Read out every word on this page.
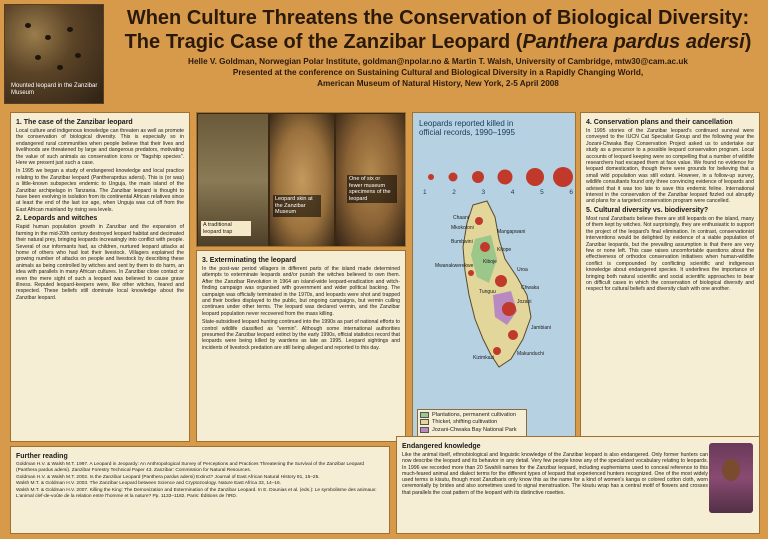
Mounted leopard in the Zanzibar Museum
When Culture Threatens the Conservation of Biological Diversity:
The Tragic Case of the Zanzibar Leopard (Panthera pardus adersi)
Helle V. Goldman, Norwegian Polar Institute, goldman@npolar.no & Martin T. Walsh, University of Cambridge, mtw30@cam.ac.uk
Presented at the conference on Sustaining Cultural and Biological Diversity in a Rapidly Changing World,
American Museum of Natural History, New York, 2-5 April 2008
1. The case of the Zanzibar leopard

Local culture and indigenous knowledge can threaten as well as promote the conservation of biological diversity. This is especially so in endangered rural communities when people believe that their lives and livelihoods are threatened by large and dangerous predators, motivating the value of such animals as conservation icons or "flagship species". Here we present just such a case.

In 1995 we began a study of endangered knowledge and local practice relating to the Zanzibar leopard (Pantheraprdus adersi). This is (or was) a little-known subspecies endemic to Unguja, the main island of the Zanzibar archipelago in Tanzania. The Zanzibar leopard is thought to have been evolving in isolation from its continental African relatives since at least the end of the last ice age, when Unguja was cut off from the East African mainland by rising sea levels.

2. Leopards and witches

Rapid human population growth in Zanzibar and the expansion of farming in the mid-20th century destroyed leopard habitat and decimated their natural prey, bringing leopards increasingly into conflict with people. Several of our informants had, as children, nurtured leopard attacks at home of others who had lost their livestock. Villagers explained the growing number of attacks on people and livestock by describing these animals as being controlled by witches and sent by them to do harm, an idea with parallels in many African cultures. In Zanzibar close contact or even the mere sight of such a leopard was believed to cause grave illness. Reputed leopard-keepers were, like other witches, feared and respected. These beliefs still dominate local knowledge about the Zanzibar leopard.

A traditional leopard trap
Leopard skin at the Zanzibar Museum
One of six or fewer museum specimens of the leopard
3. Exterminating the leopard

In the post-war period villagers in different parts of the island made determined attempts to exterminate leopards and/or punish the witches believed to own them. After the Zanzibar Revolution in 1964 an island-wide leopard-eradication and witch-finding campaign was organised with government and wider political backing. The campaign was officially terminated in the 1970s, and leopards were shot and trapped and their bodies displayed to the public, but ongoing campaigns, but vermin culling continues under other terms. The leopard was declared vermin, and the Zanzibar leopard population never recovered from the mass killing.

State-subsidised leopard hunting continued into the 1990s as part of national efforts to control wildlife classified as "vermin". Although some international authorities presumed the Zanzibar leopard extinct by the early 1990s, official statistics record that leopards were being killed by wardens as late as 1995. Leopard sightings and incidents of livestock predation are still being alleged and reported to this day.

Leopards reported killed in official records, 1990–1995
1	2	3	4	5	6
Chaani
Mkokotoni
Bumbwini
Mwanakwerekwe
Kiboje
Tunguu
Uroa
Chwaka
Jozani
Jambiani
Kizimkazi
Makunduchi
Mangapwani
Kitope
Plantations, permanent cultivation
Thicket, shifting cultivation
Jozani-Chwaka Bay National Park
4. Conservation plans and their cancellation

In 1995 stories of the Zanzibar leopard's continued survival were conveyed to the IUCN Cat Specialist Group and the following year the Jozani-Chwaka Bay Conservation Project asked us to undertake our study as a precursor to a possible leopard conservation program. Local accounts of leopard keeping were so compelling that a number of wildlife researchers had escaped them at face value. We found no evidence for leopard domestication, though there were grounds for believing that a small wild population was still extant. However, in a follow-up survey, wildlife consultants found only three convincing evidence of leopards and advised that it was too late to save this endemic feline. International interest in the conservation of the Zanzibar leopard fizzled out abruptly and plans for a targeted conservation program were cancelled.

5. Cultural diversity vs. biodiversity?

Most rural Zanzibaris believe there are still leopards on the island, many of them kept by witches. Not surprisingly, they are enthusiastic to support the project of the leopard's final elimination. In contrast, conservationist interventions would be delighted by evidence of a viable population of Zanzibar leopards, but the prevailing assumption is that there are very few or none left. This case raises uncomfortable questions about the effectiveness of orthodox conservation initiatives when human-wildlife conflict is compounded by conflicting scientific and indigenous knowledge about endangered species. It underlines the importance of bringing both natural scientific and social scientific approaches to bear on difficult cases in which the conservation of biological diversity and respect for cultural beliefs and diversity clash with one another.

Further reading

Goldman H.V. & Walsh M.T. 1997. A Leopard in Jeopardy: An Anthropological Survey of Perceptions and Practices Threatening the Survival of the Zanzibar Leopard (Panthera pardus adersi). Zanzibar Forestry Technical Paper 43. Zanzibar: Commission for Natural Resources.

Goldman H.V. & Walsh M.T. 2002. Is the Zanzibar Leopard (Panthera pardus adersi) Extinct? Journal of East African Natural History 91, 15–25.

Walsh M.T. & Goldman H.V. 2003. The Zanzibar Leopard between Science and Cryptozoology. Nature East Africa 33, 14–16.

Walsh M.T. & Goldman H.V. 2007. Killing the King: The Demonization and Extermination of the Zanzibar Leopard. In E. Dounias et al. (eds.): Le symbolisme des animaux: L'animal clef-de-voûte de la relation entre l'homme et la nature? Pp. 1133–1182. Paris: Éditions de l'IRD.

Endangered knowledge

Like the animal itself, ethnobiological and linguistic knowledge of the Zanzibar leopard is also endangered. Only former hunters can now describe the leopard and its behavior in any detail. Very few people know any of the specialized vocabulary relating to leopards. In 1996 we recorded more than 20 Swahili names for the Zanzibar leopard, including euphemisms used to conceal reference to this much-feared animal and dialect terms for the different types of leopard that experienced hunters recognized. One of the most widely used terms is kisutu, though most Zanzibaris only know this as the name for a kind of women's kanga or colored cotton cloth, worn ceremonially by brides and also sometimes used to signal menstruation. The kisutu wrap has a central motif of flowers and crosses that parallels the coat pattern of the leopard with its distinctive rosettes.
